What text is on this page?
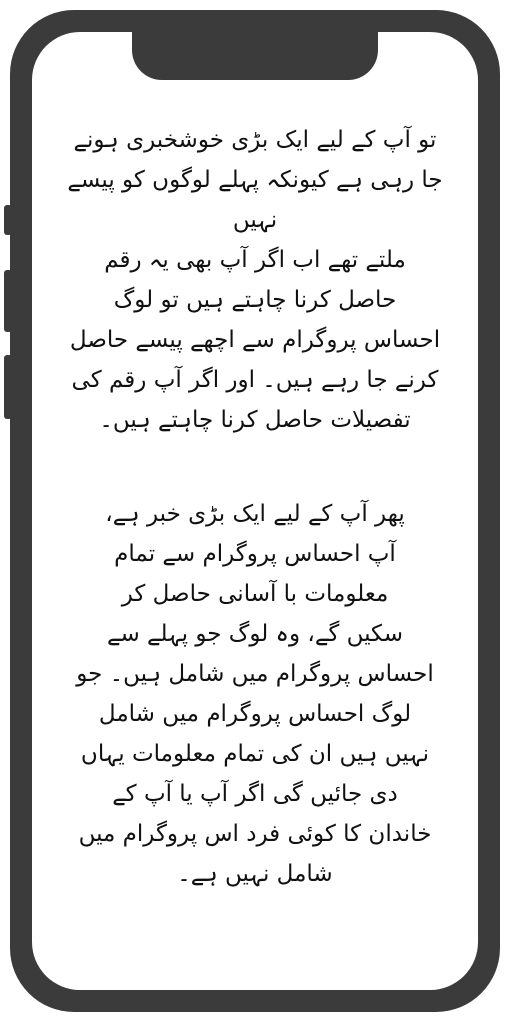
تو آپ کے لیے ایک بڑی خوشخبری ہونے
جا رہی ہے کیونکہ پہلے لوگوں کو پیسے نہیں
ملتے تھے اب اگر آپ بھی یہ رقم
حاصل کرنا چاہتے ہیں تو لوگ
احساس پروگرام سے اچھے پیسے حاصل
کرنے جا رہے ہیں۔ اور اگر آپ رقم کی
تفصیلات حاصل کرنا چاہتے ہیں۔

پھر آپ کے لیے ایک بڑی خبر ہے،
آپ احساس پروگرام سے تمام
معلومات با آسانی حاصل کر
سکیں گے، وہ لوگ جو پہلے سے
احساس پروگرام میں شامل ہیں۔ جو
لوگ احساس پروگرام میں شامل
نہیں ہیں ان کی تمام معلومات یہاں
دی جائیں گی اگر آپ یا آپ کے
خاندان کا کوئی فرد اس پروگرام میں
شامل نہیں ہے۔
